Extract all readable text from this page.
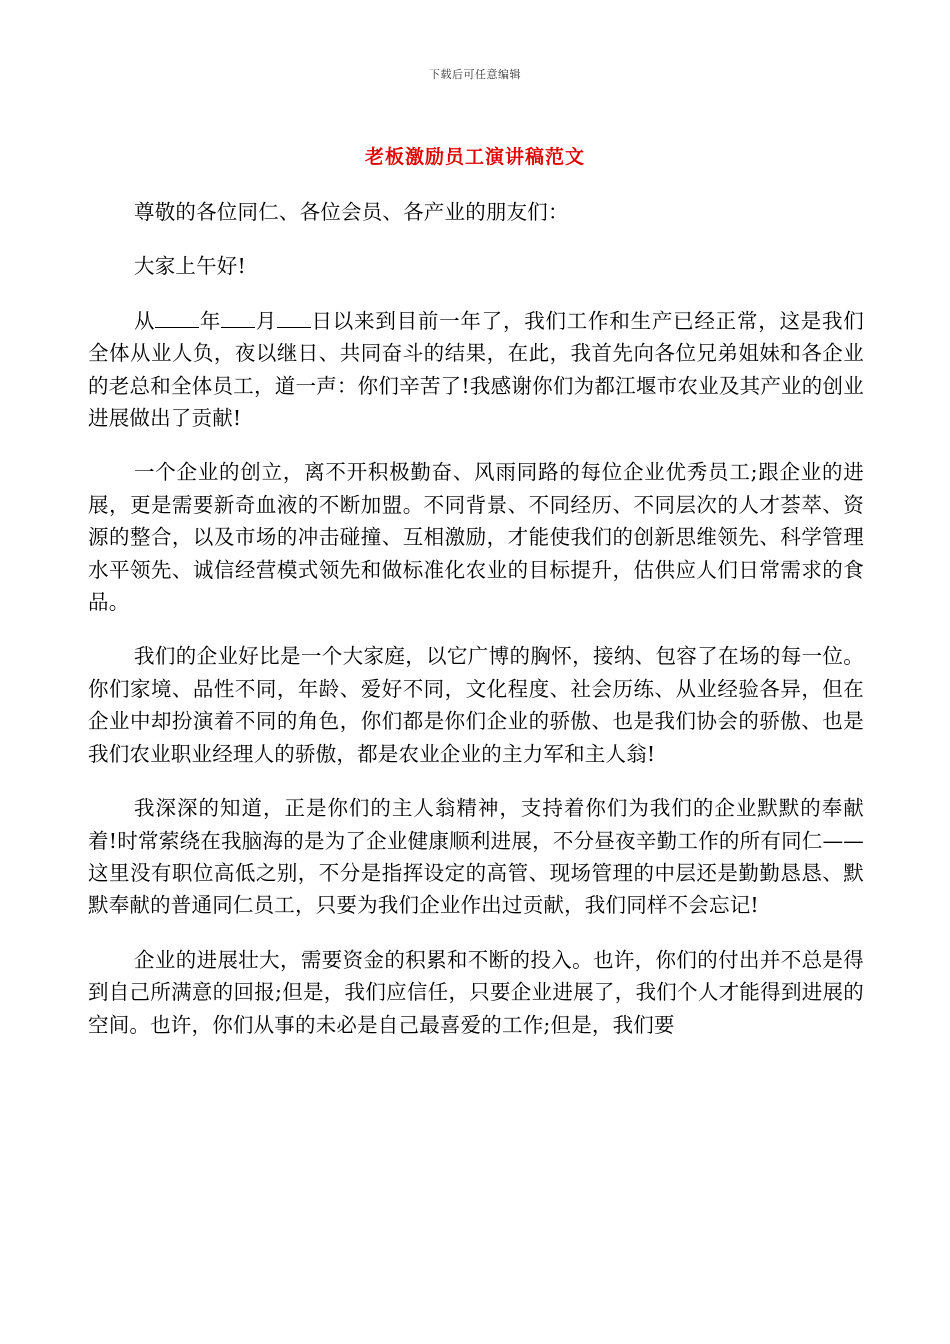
下载后可任意编辑
老板激励员工演讲稿范文

尊敬的各位同仁、各位会员、各产业的朋友们：

大家上午好!

从 年 月 日以来到目前一年了，我们工作和生产已经正常，这是我们全体从业人负，夜以继日、共同奋斗的结果，在此，我首先向各位兄弟姐妹和各企业的老总和全体员工，道一声：你们辛苦了!我感谢你们为都江堰市农业及其产业的创业进展做出了贡献!

一个企业的创立，离不开积极勤奋、风雨同路的每位企业优秀员工;跟企业的进展，更是需要新奇血液的不断加盟。不同背景、不同经历、不同层次的人才荟萃、资源的整合，以及市场的冲击碰撞、互相激励，才能使我们的创新思维领先、科学管理水平领先、诚信经营模式领先和做标准化农业的目标提升，估供应人们日常需求的食品。

我们的企业好比是一个大家庭，以它广博的胸怀，接纳、包容了在场的每一位。你们家境、品性不同，年龄、爱好不同，文化程度、社会历练、从业经验各异，但在企业中却扮演着不同的角色，你们都是你们企业的骄傲、也是我们协会的骄傲、也是我们农业职业经理人的骄傲，都是农业企业的主力军和主人翁!

我深深的知道，正是你们的主人翁精神，支持着你们为我们的企业默默的奉献着!时常萦绕在我脑海的是为了企业健康顺利进展，不分昼夜辛勤工作的所有同仁——这里没有职位高低之别，不分是指挥设定的高管、现场管理的中层还是勤勤恳恳、默默奉献的普通同仁员工，只要为我们企业作出过贡献，我们同样不会忘记!

企业的进展壮大，需要资金的积累和不断的投入。也许，你们的付出并不总是得到自己所满意的回报;但是，我们应信任，只要企业进展了，我们个人才能得到进展的空间。也许，你们从事的未必是自己最喜爱的工作;但是，我们要
